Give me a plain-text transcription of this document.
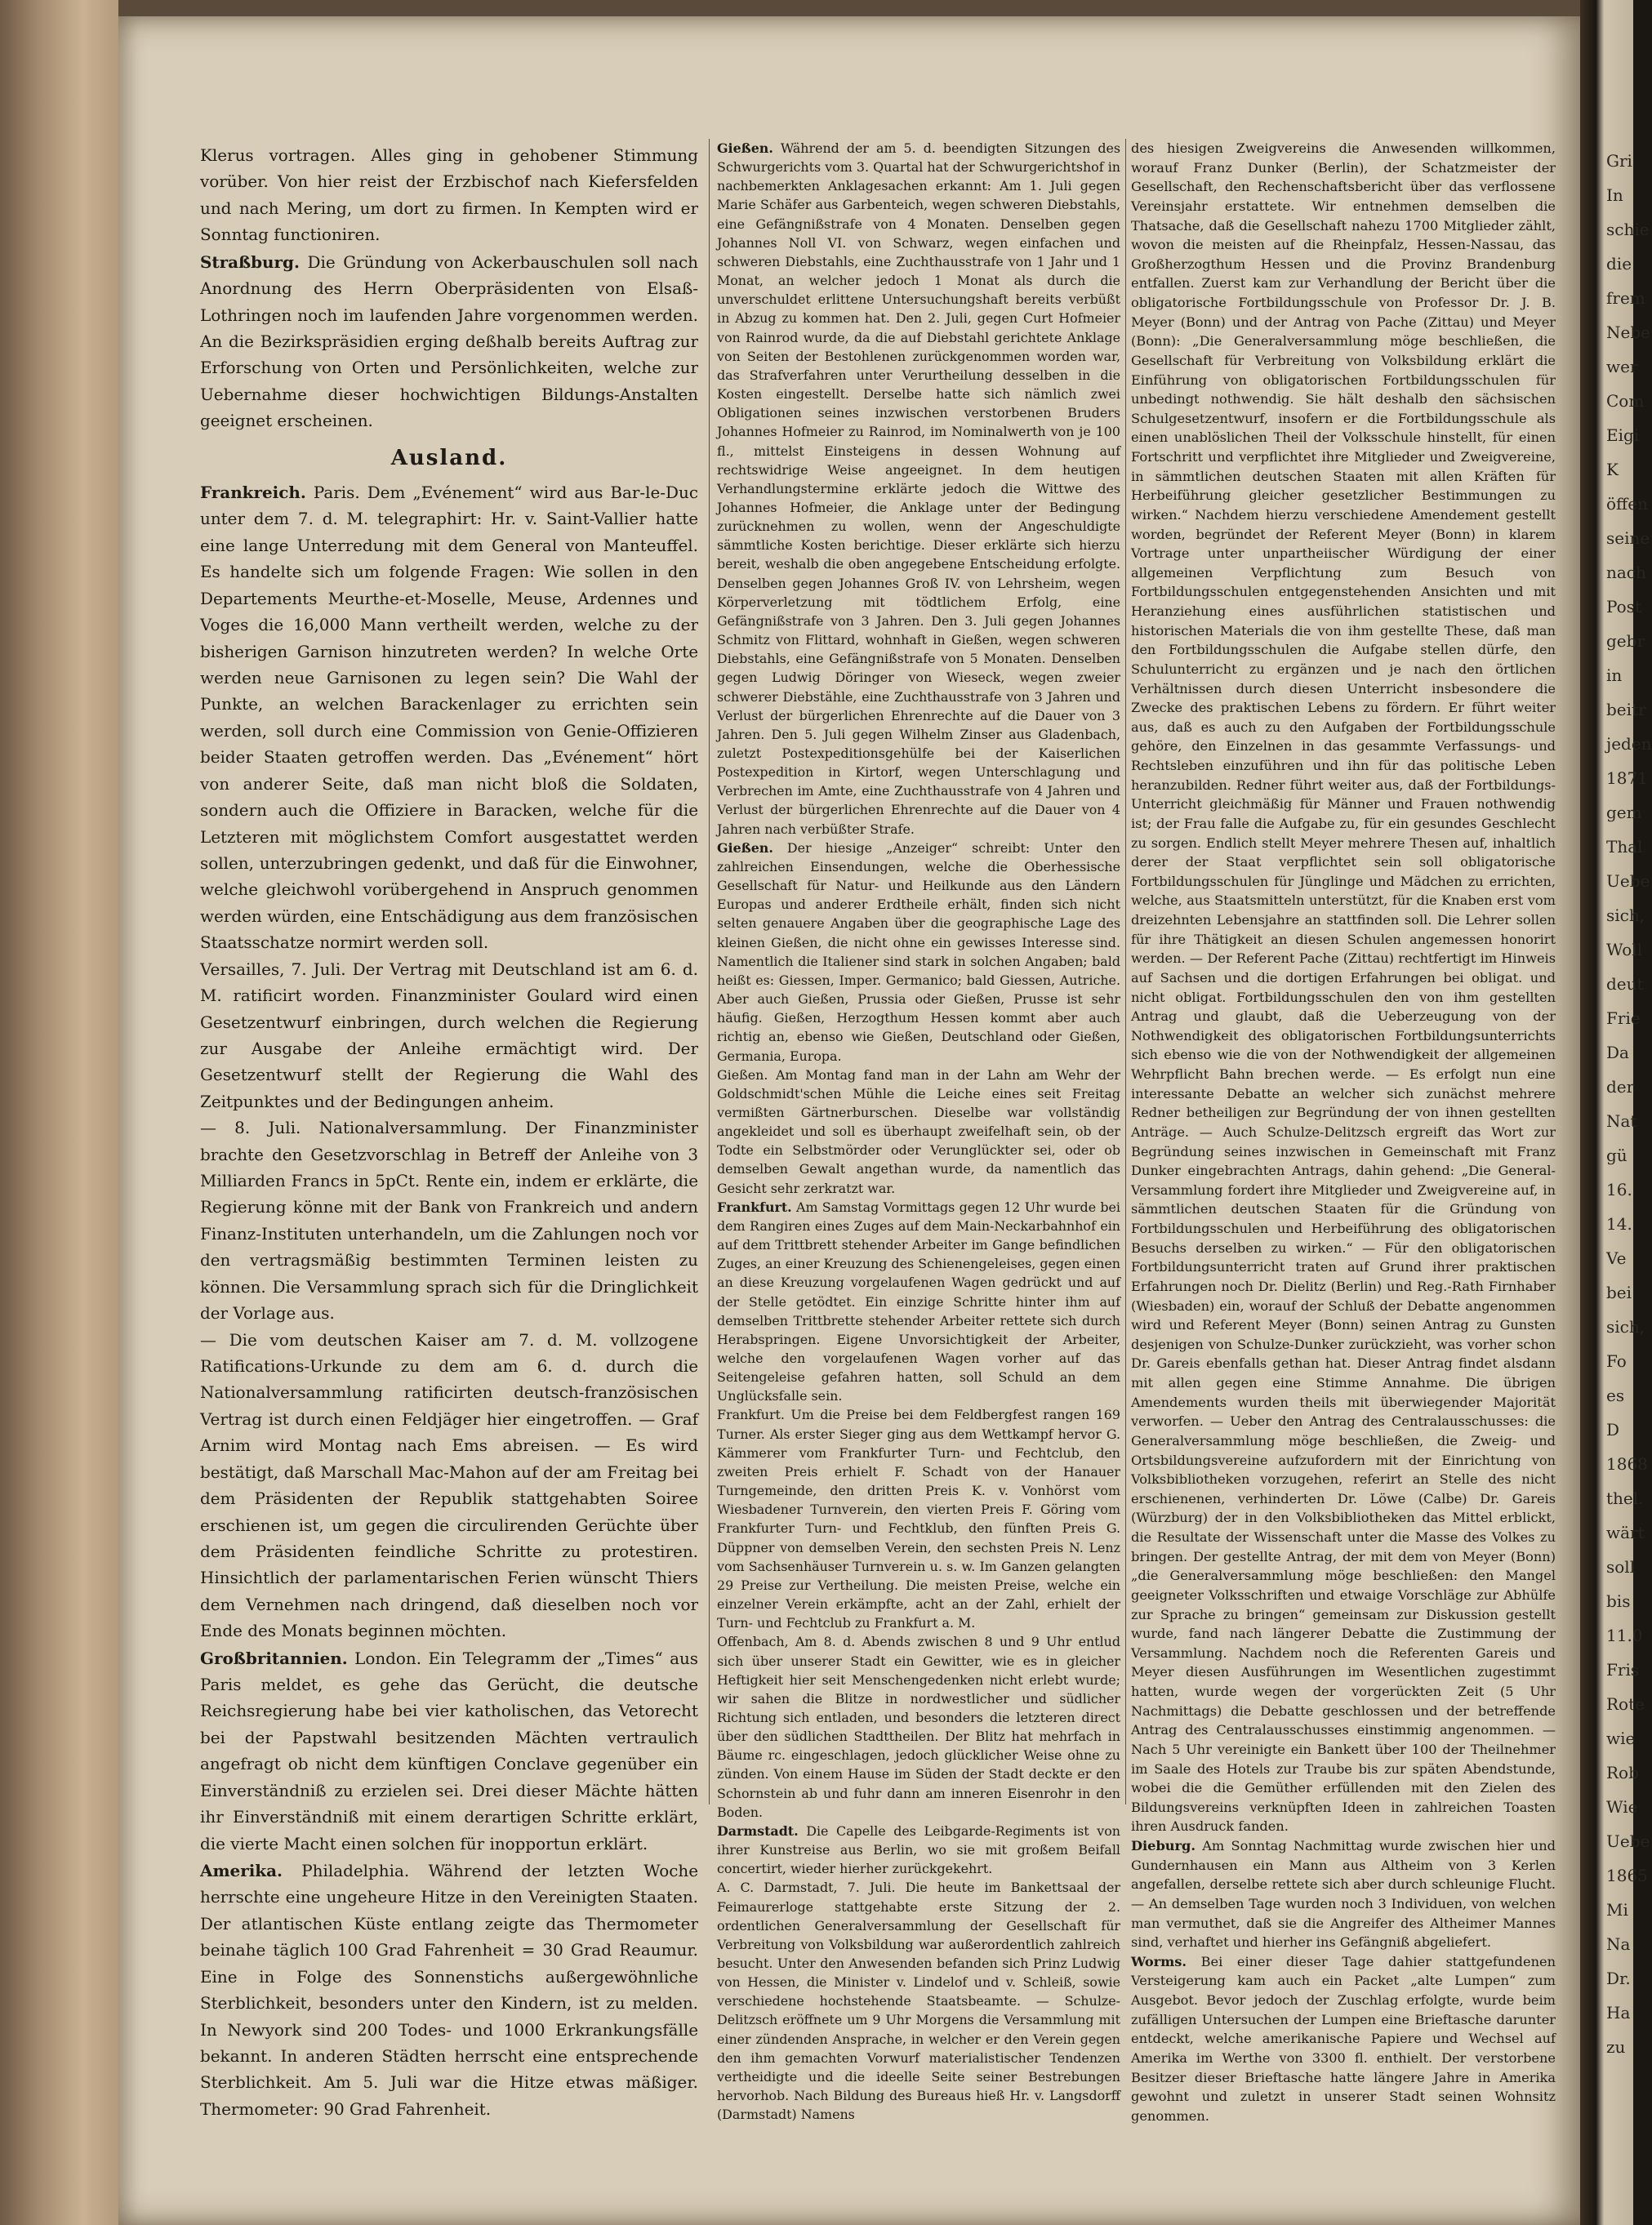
Klerus vortragen. Alles ging in gehobener Stimmung vorüber. Von hier reist der Erzbischof nach Kiefersfelden und nach Mering, um dort zu firmen. In Kempten wird er Sonntag functioniren.

Straßburg. Die Gründung von Ackerbauschulen soll nach Anordnung des Herrn Oberpräsidenten von Elsaß-Lothringen noch im laufenden Jahre vorgenommen werden. An die Bezirkspräsidien erging deßhalb bereits Auftrag zur Erforschung von Orten und Persönlichkeiten, welche zur Uebernahme dieser hochwichtigen Bildungs-Anstalten geeignet erscheinen.

Ausland.

Frankreich. Paris. Dem „Evénement“ wird aus Bar-le-Duc unter dem 7. d. M. telegraphirt: Hr. v. Saint-Vallier hatte eine lange Unterredung mit dem General von Manteuffel. Es handelte sich um folgende Fragen: Wie sollen in den Departements Meurthe-et-Moselle, Meuse, Ardennes und Voges die 16,000 Mann vertheilt werden, welche zu der bisherigen Garnison hinzutreten werden? In welche Orte werden neue Garnisonen zu legen sein? Die Wahl der Punkte, an welchen Barackenlager zu errichten sein werden, soll durch eine Commission von Genie-Offizieren beider Staaten getroffen werden. Das „Evénement“ hört von anderer Seite, daß man nicht bloß die Soldaten, sondern auch die Offiziere in Baracken, welche für die Letzteren mit möglichstem Comfort ausgestattet werden sollen, unterzubringen gedenkt, und daß für die Einwohner, welche gleichwohl vorübergehend in Anspruch genommen werden würden, eine Entschädigung aus dem französischen Staatsschatze normirt werden soll.

Versailles, 7. Juli. Der Vertrag mit Deutschland ist am 6. d. M. ratificirt worden. Finanzminister Goulard wird einen Gesetzentwurf einbringen, durch welchen die Regierung zur Ausgabe der Anleihe ermächtigt wird. Der Gesetzentwurf stellt der Regierung die Wahl des Zeitpunktes und der Bedingungen anheim.

— 8. Juli. Nationalversammlung. Der Finanzminister brachte den Gesetzvorschlag in Betreff der Anleihe von 3 Milliarden Francs in 5pCt. Rente ein, indem er erklärte, die Regierung könne mit der Bank von Frankreich und andern Finanz-Instituten unterhandeln, um die Zahlungen noch vor den vertragsmäßig bestimmten Terminen leisten zu können. Die Versammlung sprach sich für die Dringlichkeit der Vorlage aus.

— Die vom deutschen Kaiser am 7. d. M. vollzogene Ratifications-Urkunde zu dem am 6. d. durch die Nationalversammlung ratificirten deutsch-französischen Vertrag ist durch einen Feldjäger hier eingetroffen. — Graf Arnim wird Montag nach Ems abreisen. — Es wird bestätigt, daß Marschall Mac-Mahon auf der am Freitag bei dem Präsidenten der Republik stattgehabten Soiree erschienen ist, um gegen die circulirenden Gerüchte über dem Präsidenten feindliche Schritte zu protestiren. Hinsichtlich der parlamentarischen Ferien wünscht Thiers dem Vernehmen nach dringend, daß dieselben noch vor Ende des Monats beginnen möchten.

Großbritannien. London. Ein Telegramm der „Times“ aus Paris meldet, es gehe das Gerücht, die deutsche Reichsregierung habe bei vier katholischen, das Vetorecht bei der Papstwahl besitzenden Mächten vertraulich angefragt ob nicht dem künftigen Conclave gegenüber ein Einverständniß zu erzielen sei. Drei dieser Mächte hätten ihr Einverständniß mit einem derartigen Schritte erklärt, die vierte Macht einen solchen für inopportun erklärt.

Amerika. Philadelphia. Während der letzten Woche herrschte eine ungeheure Hitze in den Vereinigten Staaten. Der atlantischen Küste entlang zeigte das Thermometer beinahe täglich 100 Grad Fahrenheit = 30 Grad Reaumur. Eine in Folge des Sonnenstichs außergewöhnliche Sterblichkeit, besonders unter den Kindern, ist zu melden. In Newyork sind 200 Todes- und 1000 Erkrankungsfälle bekannt. In anderen Städten herrscht eine entsprechende Sterblichkeit. Am 5. Juli war die Hitze etwas mäßiger. Thermometer: 90 Grad Fahrenheit.

Gießen. Während der am 5. d. beendigten Sitzungen des Schwurgerichts vom 3. Quartal hat der Schwurgerichtshof in nachbemerkten Anklagesachen erkannt: Am 1. Juli gegen Marie Schäfer aus Garbenteich, wegen schweren Diebstahls, eine Gefängnißstrafe von 4 Monaten. Denselben gegen Johannes Noll VI. von Schwarz, wegen einfachen und schweren Diebstahls, eine Zuchthausstrafe von 1 Jahr und 1 Monat, an welcher jedoch 1 Monat als durch die unverschuldet erlittene Untersuchungshaft bereits verbüßt in Abzug zu kommen hat. Den 2. Juli, gegen Curt Hofmeier von Rainrod wurde, da die auf Diebstahl gerichtete Anklage von Seiten der Bestohlenen zurückgenommen worden war, das Strafverfahren unter Verurtheilung desselben in die Kosten eingestellt. Derselbe hatte sich nämlich zwei Obligationen seines inzwischen verstorbenen Bruders Johannes Hofmeier zu Rainrod, im Nominalwerth von je 100 fl., mittelst Einsteigens in dessen Wohnung auf rechtswidrige Weise angeeignet. In dem heutigen Verhandlungstermine erklärte jedoch die Wittwe des Johannes Hofmeier, die Anklage unter der Bedingung zurücknehmen zu wollen, wenn der Angeschuldigte sämmtliche Kosten berichtige. Dieser erklärte sich hierzu bereit, weshalb die oben angegebene Entscheidung erfolgte. Denselben gegen Johannes Groß IV. von Lehrsheim, wegen Körperverletzung mit tödtlichem Erfolg, eine Gefängnißstrafe von 3 Jahren. Den 3. Juli gegen Johannes Schmitz von Flittard, wohnhaft in Gießen, wegen schweren Diebstahls, eine Gefängnißstrafe von 5 Monaten. Denselben gegen Ludwig Döringer von Wieseck, wegen zweier schwerer Diebstähle, eine Zuchthausstrafe von 3 Jahren und Verlust der bürgerlichen Ehrenrechte auf die Dauer von 3 Jahren. Den 5. Juli gegen Wilhelm Zinser aus Gladenbach, zuletzt Postexpeditionsgehülfe bei der Kaiserlichen Postexpedition in Kirtorf, wegen Unterschlagung und Verbrechen im Amte, eine Zuchthausstrafe von 4 Jahren und Verlust der bürgerlichen Ehrenrechte auf die Dauer von 4 Jahren nach verbüßter Strafe.

Gießen. Der hiesige „Anzeiger“ schreibt: Unter den zahlreichen Einsendungen, welche die Oberhessische Gesellschaft für Natur- und Heilkunde aus den Ländern Europas und anderer Erdtheile erhält, finden sich nicht selten genauere Angaben über die geographische Lage des kleinen Gießen, die nicht ohne ein gewisses Interesse sind. Namentlich die Italiener sind stark in solchen Angaben; bald heißt es: Giessen, Imper. Germanico; bald Giessen, Autriche. Aber auch Gießen, Prussia oder Gießen, Prusse ist sehr häufig. Gießen, Herzogthum Hessen kommt aber auch richtig an, ebenso wie Gießen, Deutschland oder Gießen, Germania, Europa.

Gießen. Am Montag fand man in der Lahn am Wehr der Goldschmidt'schen Mühle die Leiche eines seit Freitag vermißten Gärtnerburschen. Dieselbe war vollständig angekleidet und soll es überhaupt zweifelhaft sein, ob der Todte ein Selbstmörder oder Verunglückter sei, oder ob demselben Gewalt angethan wurde, da namentlich das Gesicht sehr zerkratzt war.

Frankfurt. Am Samstag Vormittags gegen 12 Uhr wurde bei dem Rangiren eines Zuges auf dem Main-Neckarbahnhof ein auf dem Trittbrett stehender Arbeiter im Gange befindlichen Zuges, an einer Kreuzung des Schienengeleises, gegen einen an diese Kreuzung vorgelaufenen Wagen gedrückt und auf der Stelle getödtet. Ein einzige Schritte hinter ihm auf demselben Trittbrette stehender Arbeiter rettete sich durch Herabspringen. Eigene Unvorsichtigkeit der Arbeiter, welche den vorgelaufenen Wagen vorher auf das Seitengeleise gefahren hatten, soll Schuld an dem Unglücksfalle sein.

Frankfurt. Um die Preise bei dem Feldbergfest rangen 169 Turner. Als erster Sieger ging aus dem Wettkampf hervor G. Kämmerer vom Frankfurter Turn- und Fechtclub, den zweiten Preis erhielt F. Schadt von der Hanauer Turngemeinde, den dritten Preis K. v. Vonhörst vom Wiesbadener Turnverein, den vierten Preis F. Göring vom Frankfurter Turn- und Fechtklub, den fünften Preis G. Düppner von demselben Verein, den sechsten Preis N. Lenz vom Sachsenhäuser Turnverein u. s. w. Im Ganzen gelangten 29 Preise zur Vertheilung. Die meisten Preise, welche ein einzelner Verein erkämpfte, acht an der Zahl, erhielt der Turn- und Fechtclub zu Frankfurt a. M.

Offenbach, Am 8. d. Abends zwischen 8 und 9 Uhr entlud sich über unserer Stadt ein Gewitter, wie es in gleicher Heftigkeit hier seit Menschengedenken nicht erlebt wurde; wir sahen die Blitze in nordwestlicher und südlicher Richtung sich entladen, und besonders die letzteren direct über den südlichen Stadttheilen. Der Blitz hat mehrfach in Bäume rc. eingeschlagen, jedoch glücklicher Weise ohne zu zünden. Von einem Hause im Süden der Stadt deckte er den Schornstein ab und fuhr dann am inneren Eisenrohr in den Boden.

Darmstadt. Die Capelle des Leibgarde-Regiments ist von ihrer Kunstreise aus Berlin, wo sie mit großem Beifall concertirt, wieder hierher zurückgekehrt.

A. C. Darmstadt, 7. Juli. Die heute im Bankettsaal der Feimaurerloge stattgehabte erste Sitzung der 2. ordentlichen Generalversammlung der Gesellschaft für Verbreitung von Volksbildung war außerordentlich zahlreich besucht. Unter den Anwesenden befanden sich Prinz Ludwig von Hessen, die Minister v. Lindelof und v. Schleiß, sowie verschiedene hochstehende Staatsbeamte. — Schulze-Delitzsch eröffnete um 9 Uhr Morgens die Versammlung mit einer zündenden Ansprache, in welcher er den Verein gegen den ihm gemachten Vorwurf materialistischer Tendenzen vertheidigte und die ideelle Seite seiner Bestrebungen hervorhob. Nach Bildung des Bureaus hieß Hr. v. Langsdorff (Darmstadt) Namens

des hiesigen Zweigvereins die Anwesenden willkommen, worauf Franz Dunker (Berlin), der Schatzmeister der Gesellschaft, den Rechenschaftsbericht über das verflossene Vereinsjahr erstattete. Wir entnehmen demselben die Thatsache, daß die Gesellschaft nahezu 1700 Mitglieder zählt, wovon die meisten auf die Rheinpfalz, Hessen-Nassau, das Großherzogthum Hessen und die Provinz Brandenburg entfallen. Zuerst kam zur Verhandlung der Bericht über die obligatorische Fortbildungsschule von Professor Dr. J. B. Meyer (Bonn) und der Antrag von Pache (Zittau) und Meyer (Bonn): „Die Generalversammlung möge beschließen, die Gesellschaft für Verbreitung von Volksbildung erklärt die Einführung von obligatorischen Fortbildungsschulen für unbedingt nothwendig. Sie hält deshalb den sächsischen Schulgesetzentwurf, insofern er die Fortbildungsschule als einen unablöslichen Theil der Volksschule hinstellt, für einen Fortschritt und verpflichtet ihre Mitglieder und Zweigvereine, in sämmtlichen deutschen Staaten mit allen Kräften für Herbeiführung gleicher gesetzlicher Bestimmungen zu wirken.“ Nachdem hierzu verschiedene Amendement gestellt worden, begründet der Referent Meyer (Bonn) in klarem Vortrage unter unpartheiischer Würdigung der einer allgemeinen Verpflichtung zum Besuch von Fortbildungsschulen entgegenstehenden Ansichten und mit Heranziehung eines ausführlichen statistischen und historischen Materials die von ihm gestellte These, daß man den Fortbildungsschulen die Aufgabe stellen dürfe, den Schulunterricht zu ergänzen und je nach den örtlichen Verhältnissen durch diesen Unterricht insbesondere die Zwecke des praktischen Lebens zu fördern. Er führt weiter aus, daß es auch zu den Aufgaben der Fortbildungsschule gehöre, den Einzelnen in das gesammte Verfassungs- und Rechtsleben einzuführen und ihn für das politische Leben heranzubilden. Redner führt weiter aus, daß der Fortbildungs-Unterricht gleichmäßig für Männer und Frauen nothwendig ist; der Frau falle die Aufgabe zu, für ein gesundes Geschlecht zu sorgen. Endlich stellt Meyer mehrere Thesen auf, inhaltlich derer der Staat verpflichtet sein soll obligatorische Fortbildungsschulen für Jünglinge und Mädchen zu errichten, welche, aus Staatsmitteln unterstützt, für die Knaben erst vom dreizehnten Lebensjahre an stattfinden soll. Die Lehrer sollen für ihre Thätigkeit an diesen Schulen angemessen honorirt werden. — Der Referent Pache (Zittau) rechtfertigt im Hinweis auf Sachsen und die dortigen Erfahrungen bei obligat. und nicht obligat. Fortbildungsschulen den von ihm gestellten Antrag und glaubt, daß die Ueberzeugung von der Nothwendigkeit des obligatorischen Fortbildungsunterrichts sich ebenso wie die von der Nothwendigkeit der allgemeinen Wehrpflicht Bahn brechen werde. — Es erfolgt nun eine interessante Debatte an welcher sich zunächst mehrere Redner betheiligen zur Begründung der von ihnen gestellten Anträge. — Auch Schulze-Delitzsch ergreift das Wort zur Begründung seines inzwischen in Gemeinschaft mit Franz Dunker eingebrachten Antrags, dahin gehend: „Die General-Versammlung fordert ihre Mitglieder und Zweigvereine auf, in sämmtlichen deutschen Staaten für die Gründung von Fortbildungsschulen und Herbeiführung des obligatorischen Besuchs derselben zu wirken.“ — Für den obligatorischen Fortbildungsunterricht traten auf Grund ihrer praktischen Erfahrungen noch Dr. Dielitz (Berlin) und Reg.-Rath Firnhaber (Wiesbaden) ein, worauf der Schluß der Debatte angenommen wird und Referent Meyer (Bonn) seinen Antrag zu Gunsten desjenigen von Schulze-Dunker zurückzieht, was vorher schon Dr. Gareis ebenfalls gethan hat. Dieser Antrag findet alsdann mit allen gegen eine Stimme Annahme. Die übrigen Amendements wurden theils mit überwiegender Majorität verworfen. — Ueber den Antrag des Centralausschusses: die Generalversammlung möge beschließen, die Zweig- und Ortsbildungsvereine aufzufordern mit der Einrichtung von Volksbibliotheken vorzugehen, referirt an Stelle des nicht erschienenen, verhinderten Dr. Löwe (Calbe) Dr. Gareis (Würzburg) der in den Volksbibliotheken das Mittel erblickt, die Resultate der Wissenschaft unter die Masse des Volkes zu bringen. Der gestellte Antrag, der mit dem von Meyer (Bonn) „die Generalversammlung möge beschließen: den Mangel geeigneter Volksschriften und etwaige Vorschläge zur Abhülfe zur Sprache zu bringen“ gemeinsam zur Diskussion gestellt wurde, fand nach längerer Debatte die Zustimmung der Versammlung. Nachdem noch die Referenten Gareis und Meyer diesen Ausführungen im Wesentlichen zugestimmt hatten, wurde wegen der vorgerückten Zeit (5 Uhr Nachmittags) die Debatte geschlossen und der betreffende Antrag des Centralausschusses einstimmig angenommen. — Nach 5 Uhr vereinigte ein Bankett über 100 der Theilnehmer im Saale des Hotels zur Traube bis zur späten Abendstunde, wobei die die Gemüther erfüllenden mit den Zielen des Bildungsvereins verknüpften Ideen in zahlreichen Toasten ihren Ausdruck fanden.

Dieburg. Am Sonntag Nachmittag wurde zwischen hier und Gundernhausen ein Mann aus Altheim von 3 Kerlen angefallen, derselbe rettete sich aber durch schleunige Flucht. — An demselben Tage wurden noch 3 Individuen, von welchen man vermuthet, daß sie die Angreifer des Altheimer Mannes sind, verhaftet und hierher ins Gefängniß abgeliefert.

Worms. Bei einer dieser Tage dahier stattgefundenen Versteigerung kam auch ein Packet „alte Lumpen“ zum Ausgebot. Bevor jedoch der Zuschlag erfolgte, wurde beim zufälligen Untersuchen der Lumpen eine Brieftasche darunter entdeckt, welche amerikanische Papiere und Wechsel auf Amerika im Werthe von 3300 fl. enthielt. Der verstorbene Besitzer dieser Brieftasche hatte längere Jahre in Amerika gewohnt und zuletzt in unserer Stadt seinen Wohnsitz genommen.

Gri
In
schie
die
frem
Nebe
wer
Com
Eigi
K
öffen
seine
nach
Post
gebr
in
beitr
jeden
1871
gem
Thal
Uebe
sich,
Woll
deut
Frie
Da
der
Nat
gü
16.
14.
Ve
bei
sich,
Fo
es
D
1868
thel.
wärt
soll
bis
11.0
Fris
Rote
wie
Rob
Wie
Uebe
1865
Mi
Na
Dr.
Ha
zu
